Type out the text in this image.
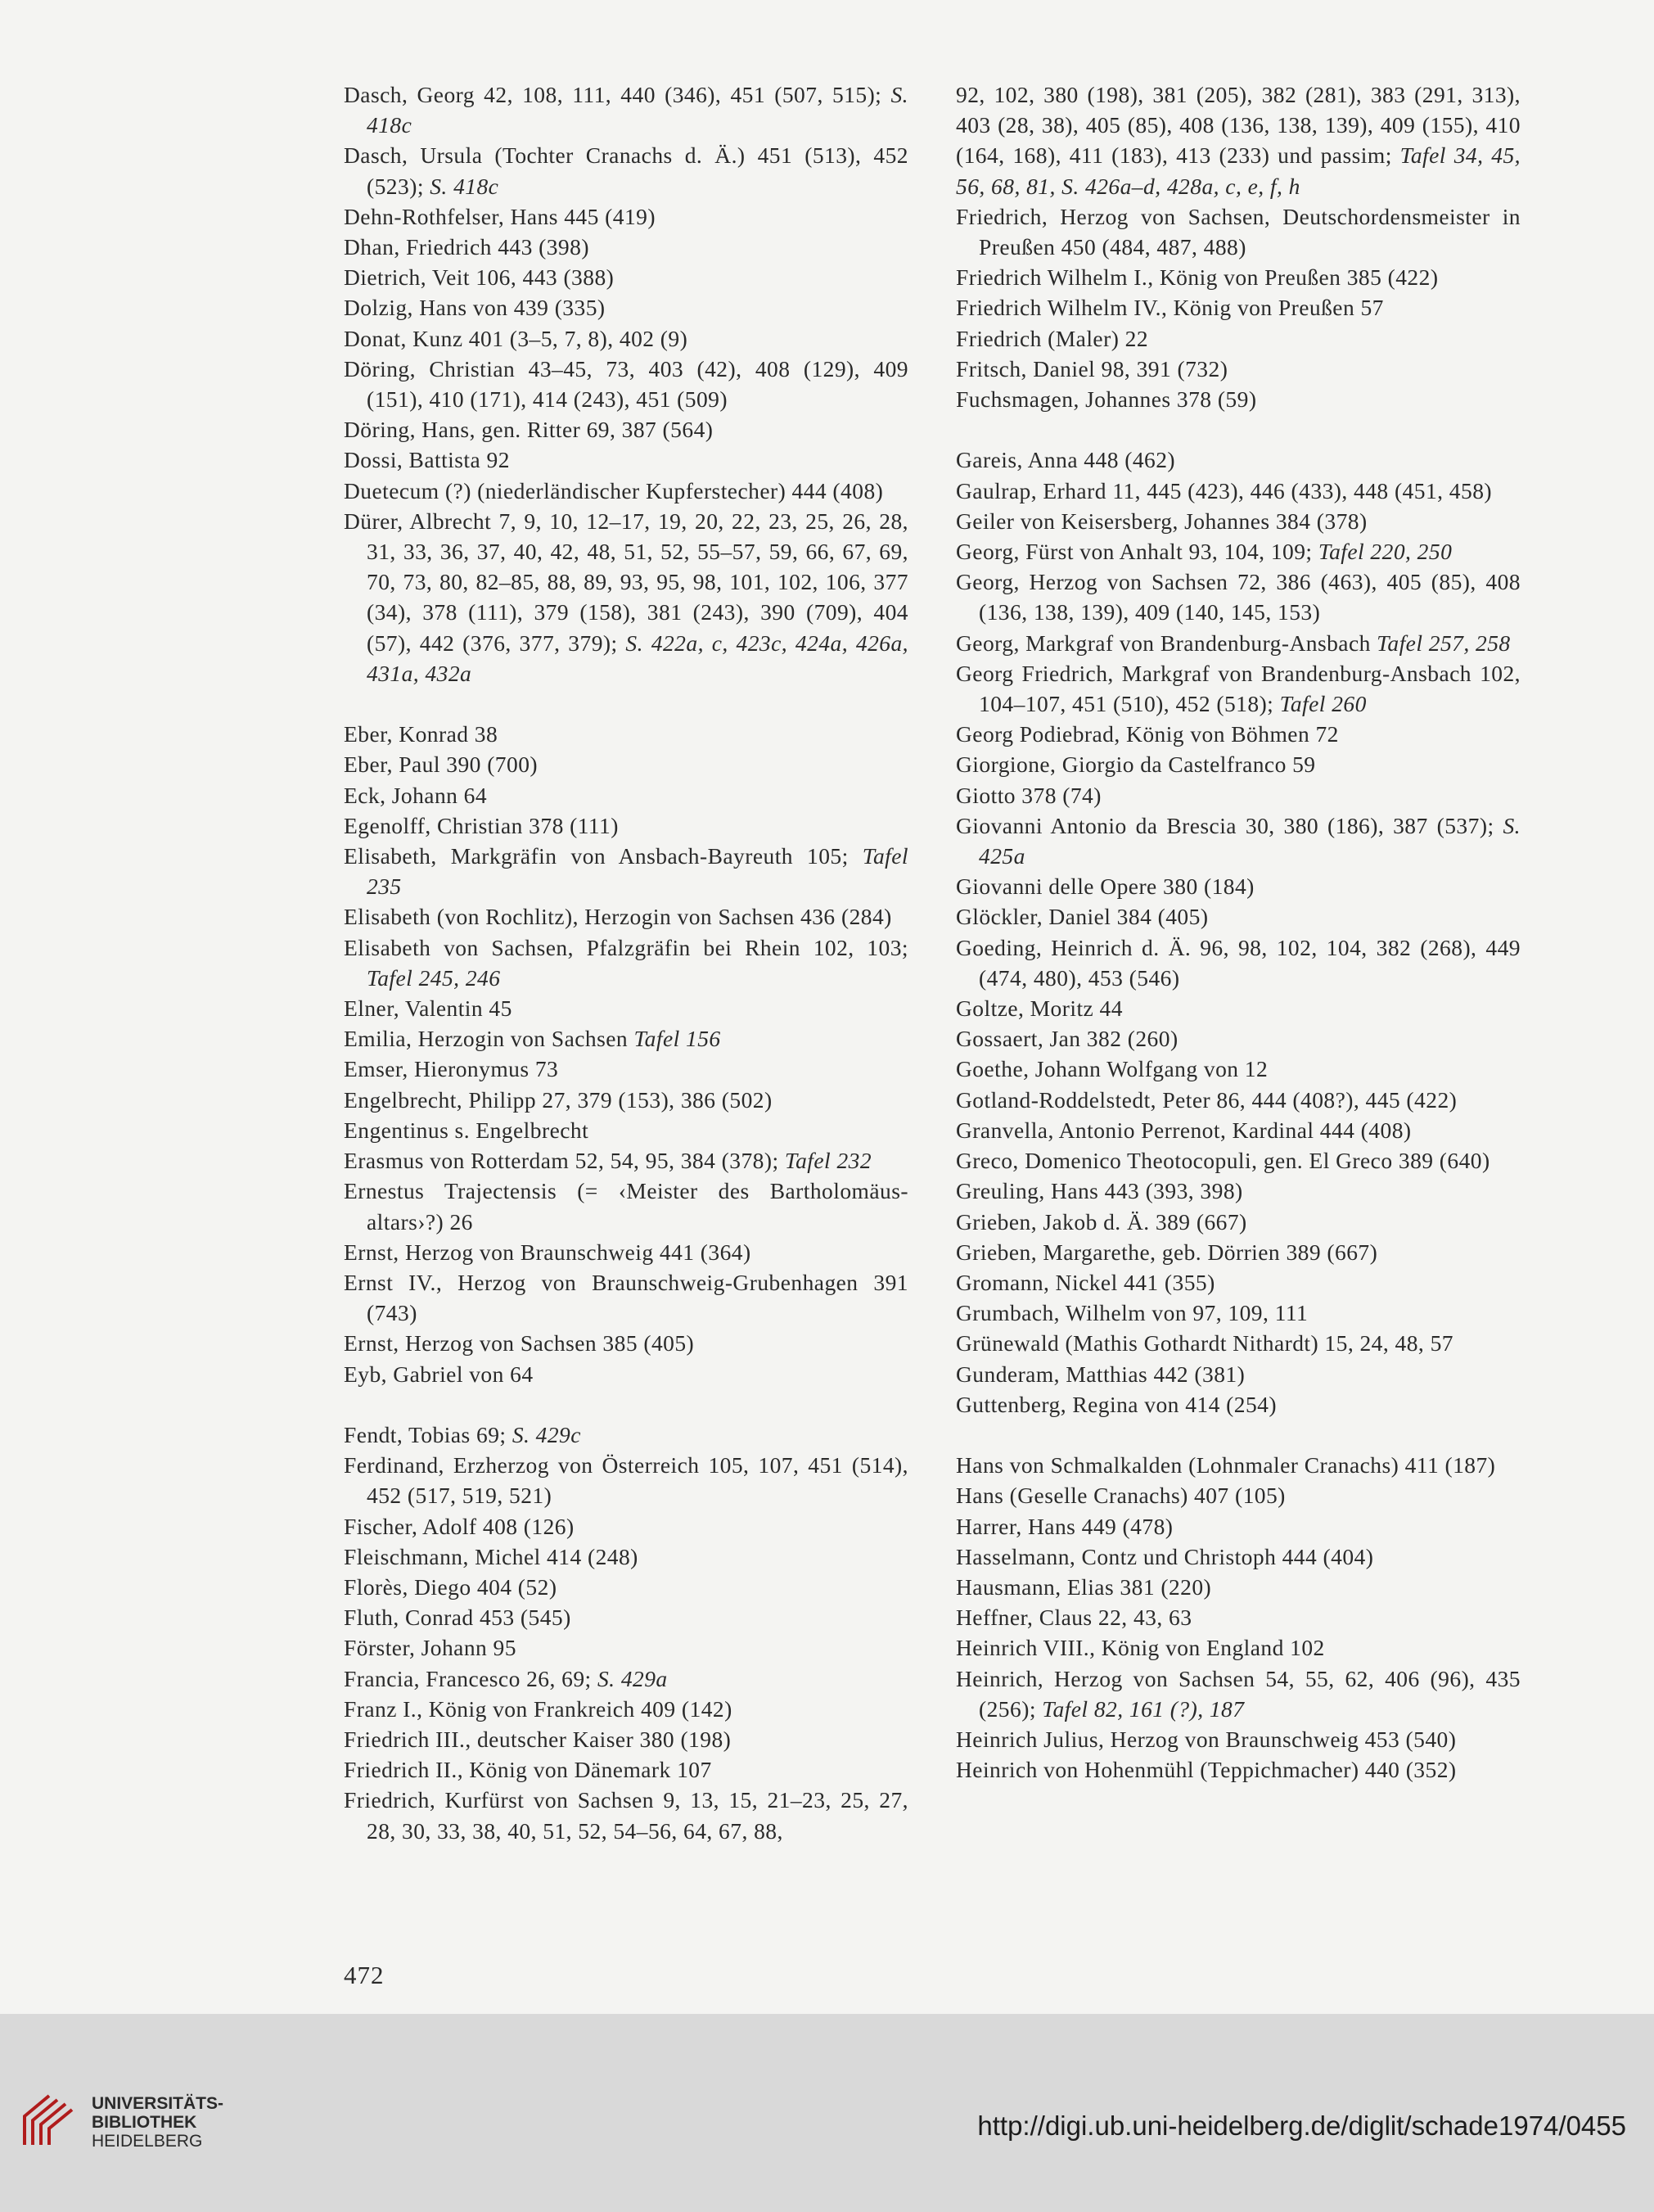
Dasch, Georg 42, 108, 111, 440 (346), 451 (507, 515); S. 418c
Dasch, Ursula (Tochter Cranachs d. Ä.) 451 (513), 452 (523); S. 418c
Dehn-Rothfelser, Hans 445 (419)
Dhan, Friedrich 443 (398)
Dietrich, Veit 106, 443 (388)
Dolzig, Hans von 439 (335)
Donat, Kunz 401 (3–5, 7, 8), 402 (9)
Döring, Christian 43–45, 73, 403 (42), 408 (129), 409 (151), 410 (171), 414 (243), 451 (509)
Döring, Hans, gen. Ritter 69, 387 (564)
Dossi, Battista 92
Duetecum (?) (niederländischer Kupferstecher) 444 (408)
Dürer, Albrecht 7, 9, 10, 12–17, 19, 20, 22, 23, 25, 26, 28, 31, 33, 36, 37, 40, 42, 48, 51, 52, 55–57, 59, 66, 67, 69, 70, 73, 80, 82–85, 88, 89, 93, 95, 98, 101, 102, 106, 377 (34), 378 (111), 379 (158), 381 (243), 390 (709), 404 (57), 442 (376, 377, 379); S. 422a, c, 423c, 424a, 426a, 431a, 432a
Eber, Konrad 38
Eber, Paul 390 (700)
Eck, Johann 64
Egenolff, Christian 378 (111)
Elisabeth, Markgräfin von Ansbach-Bayreuth 105; Tafel 235
Elisabeth (von Rochlitz), Herzogin von Sachsen 436 (284)
Elisabeth von Sachsen, Pfalzgräfin bei Rhein 102, 103; Tafel 245, 246
Elner, Valentin 45
Emilia, Herzogin von Sachsen Tafel 156
Emser, Hieronymus 73
Engelbrecht, Philipp 27, 379 (153), 386 (502)
Engentinus s. Engelbrecht
Erasmus von Rotterdam 52, 54, 95, 384 (378); Tafel 232
Ernestus Trajectensis (= ‹Meister des Bartholomäus-altars›?) 26
Ernst, Herzog von Braunschweig 441 (364)
Ernst IV., Herzog von Braunschweig-Grubenhagen 391 (743)
Ernst, Herzog von Sachsen 385 (405)
Eyb, Gabriel von 64
Fendt, Tobias 69; S. 429c
Ferdinand, Erzherzog von Österreich 105, 107, 451 (514), 452 (517, 519, 521)
Fischer, Adolf 408 (126)
Fleischmann, Michel 414 (248)
Florès, Diego 404 (52)
Fluth, Conrad 453 (545)
Förster, Johann 95
Francia, Francesco 26, 69; S. 429a
Franz I., König von Frankreich 409 (142)
Friedrich III., deutscher Kaiser 380 (198)
Friedrich II., König von Dänemark 107
Friedrich, Kurfürst von Sachsen 9, 13, 15, 21–23, 25, 27, 28, 30, 33, 38, 40, 51, 52, 54–56, 64, 67, 88,
92, 102, 380 (198), 381 (205), 382 (281), 383 (291, 313), 403 (28, 38), 405 (85), 408 (136, 138, 139), 409 (155), 410 (164, 168), 411 (183), 413 (233) und passim; Tafel 34, 45, 56, 68, 81, S. 426a–d, 428a, c, e, f, h
Friedrich, Herzog von Sachsen, Deutschordensmeister in Preußen 450 (484, 487, 488)
Friedrich Wilhelm I., König von Preußen 385 (422)
Friedrich Wilhelm IV., König von Preußen 57
Friedrich (Maler) 22
Fritsch, Daniel 98, 391 (732)
Fuchsmagen, Johannes 378 (59)
Gareis, Anna 448 (462)
Gaulrap, Erhard 11, 445 (423), 446 (433), 448 (451, 458)
Geiler von Keisersberg, Johannes 384 (378)
Georg, Fürst von Anhalt 93, 104, 109; Tafel 220, 250
Georg, Herzog von Sachsen 72, 386 (463), 405 (85), 408 (136, 138, 139), 409 (140, 145, 153)
Georg, Markgraf von Brandenburg-Ansbach Tafel 257, 258
Georg Friedrich, Markgraf von Brandenburg-Ansbach 102, 104–107, 451 (510), 452 (518); Tafel 260
Georg Podiebrad, König von Böhmen 72
Giorgione, Giorgio da Castelfranco 59
Giotto 378 (74)
Giovanni Antonio da Brescia 30, 380 (186), 387 (537); S. 425a
Giovanni delle Opere 380 (184)
Glöckler, Daniel 384 (405)
Goeding, Heinrich d. Ä. 96, 98, 102, 104, 382 (268), 449 (474, 480), 453 (546)
Goltze, Moritz 44
Gossaert, Jan 382 (260)
Goethe, Johann Wolfgang von 12
Gotland-Roddelstedt, Peter 86, 444 (408?), 445 (422)
Granvella, Antonio Perrenot, Kardinal 444 (408)
Greco, Domenico Theotocopuli, gen. El Greco 389 (640)
Greuling, Hans 443 (393, 398)
Grieben, Jakob d. Ä. 389 (667)
Grieben, Margarethe, geb. Dörrien 389 (667)
Gromann, Nickel 441 (355)
Grumbach, Wilhelm von 97, 109, 111
Grünewald (Mathis Gothardt Nithardt) 15, 24, 48, 57
Gunderam, Matthias 442 (381)
Guttenberg, Regina von 414 (254)
Hans von Schmalkalden (Lohnmaler Cranachs) 411 (187)
Hans (Geselle Cranachs) 407 (105)
Harrer, Hans 449 (478)
Hasselmann, Contz und Christoph 444 (404)
Hausmann, Elias 381 (220)
Heffner, Claus 22, 43, 63
Heinrich VIII., König von England 102
Heinrich, Herzog von Sachsen 54, 55, 62, 406 (96), 435 (256); Tafel 82, 161 (?), 187
Heinrich Julius, Herzog von Braunschweig 453 (540)
Heinrich von Hohenmühl (Teppichmacher) 440 (352)
472
UNIVERSITÄTS-
BIBLIOTHEK
HEIDELBERG
http://digi.ub.uni-heidelberg.de/diglit/schade1974/0455
